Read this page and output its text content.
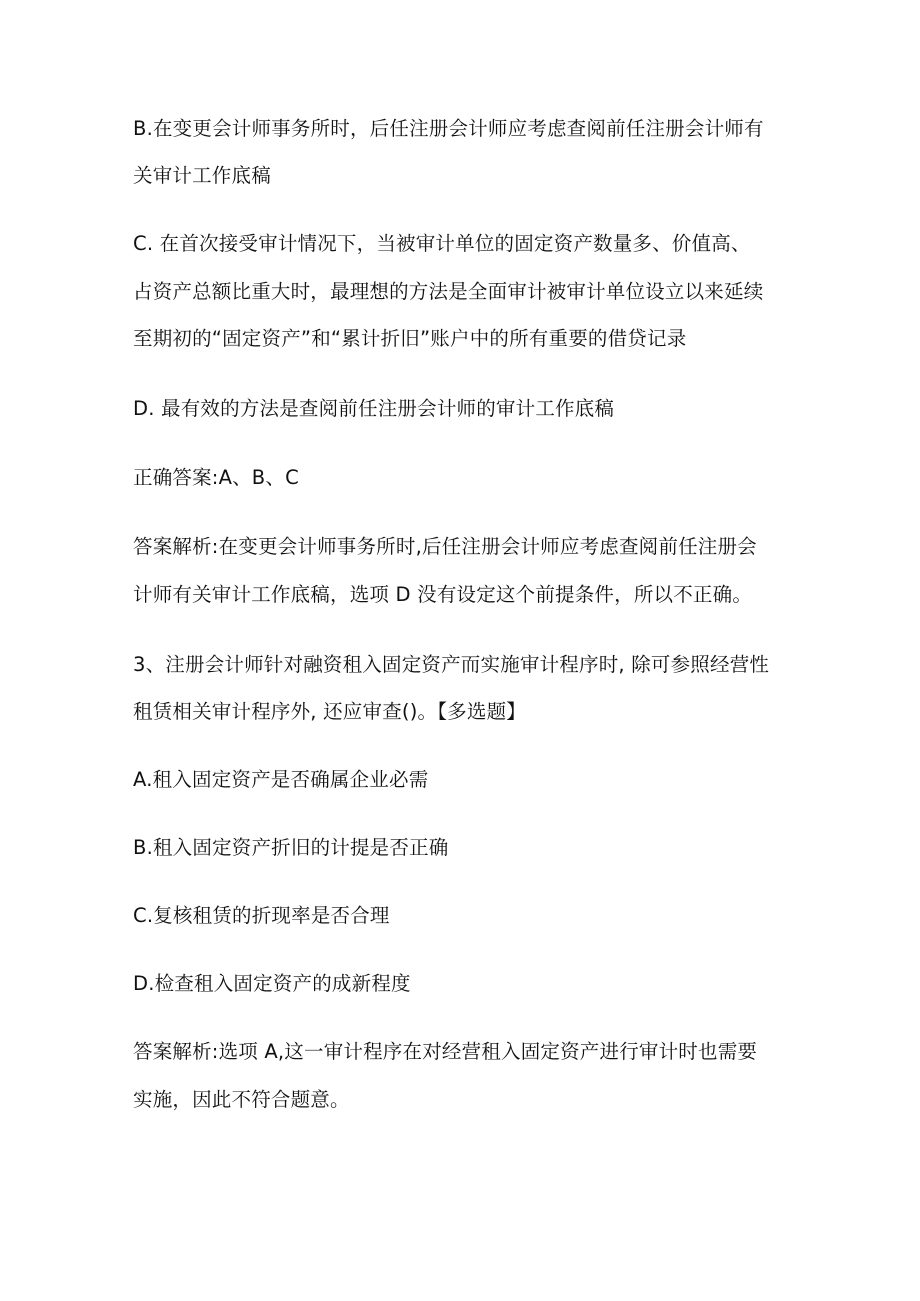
B.在变更会计师事务所时，后任注册会计师应考虑查阅前任注册会计师有
关审计工作底稿
C. 在首次接受审计情况下，当被审计单位的固定资产数量多、价值高、
占资产总额比重大时，最理想的方法是全面审计被审计单位设立以来延续
至期初的“固定资产”和“累计折旧”账户中的所有重要的借贷记录
D. 最有效的方法是查阅前任注册会计师的审计工作底稿
正确答案:A、B、C
答案解析:在变更会计师事务所时,后任注册会计师应考虑查阅前任注册会
计师有关审计工作底稿，选项 D 没有设定这个前提条件，所以不正确。
3、注册会计师针对融资租入固定资产而实施审计程序时, 除可参照经营性
租赁相关审计程序外, 还应审查()。【多选题】
A.租入固定资产是否确属企业必需
B.租入固定资产折旧的计提是否正确
C.复核租赁的折现率是否合理
D.检查租入固定资产的成新程度
答案解析:选项 A,这一审计程序在对经营租入固定资产进行审计时也需要
实施，因此不符合题意。
